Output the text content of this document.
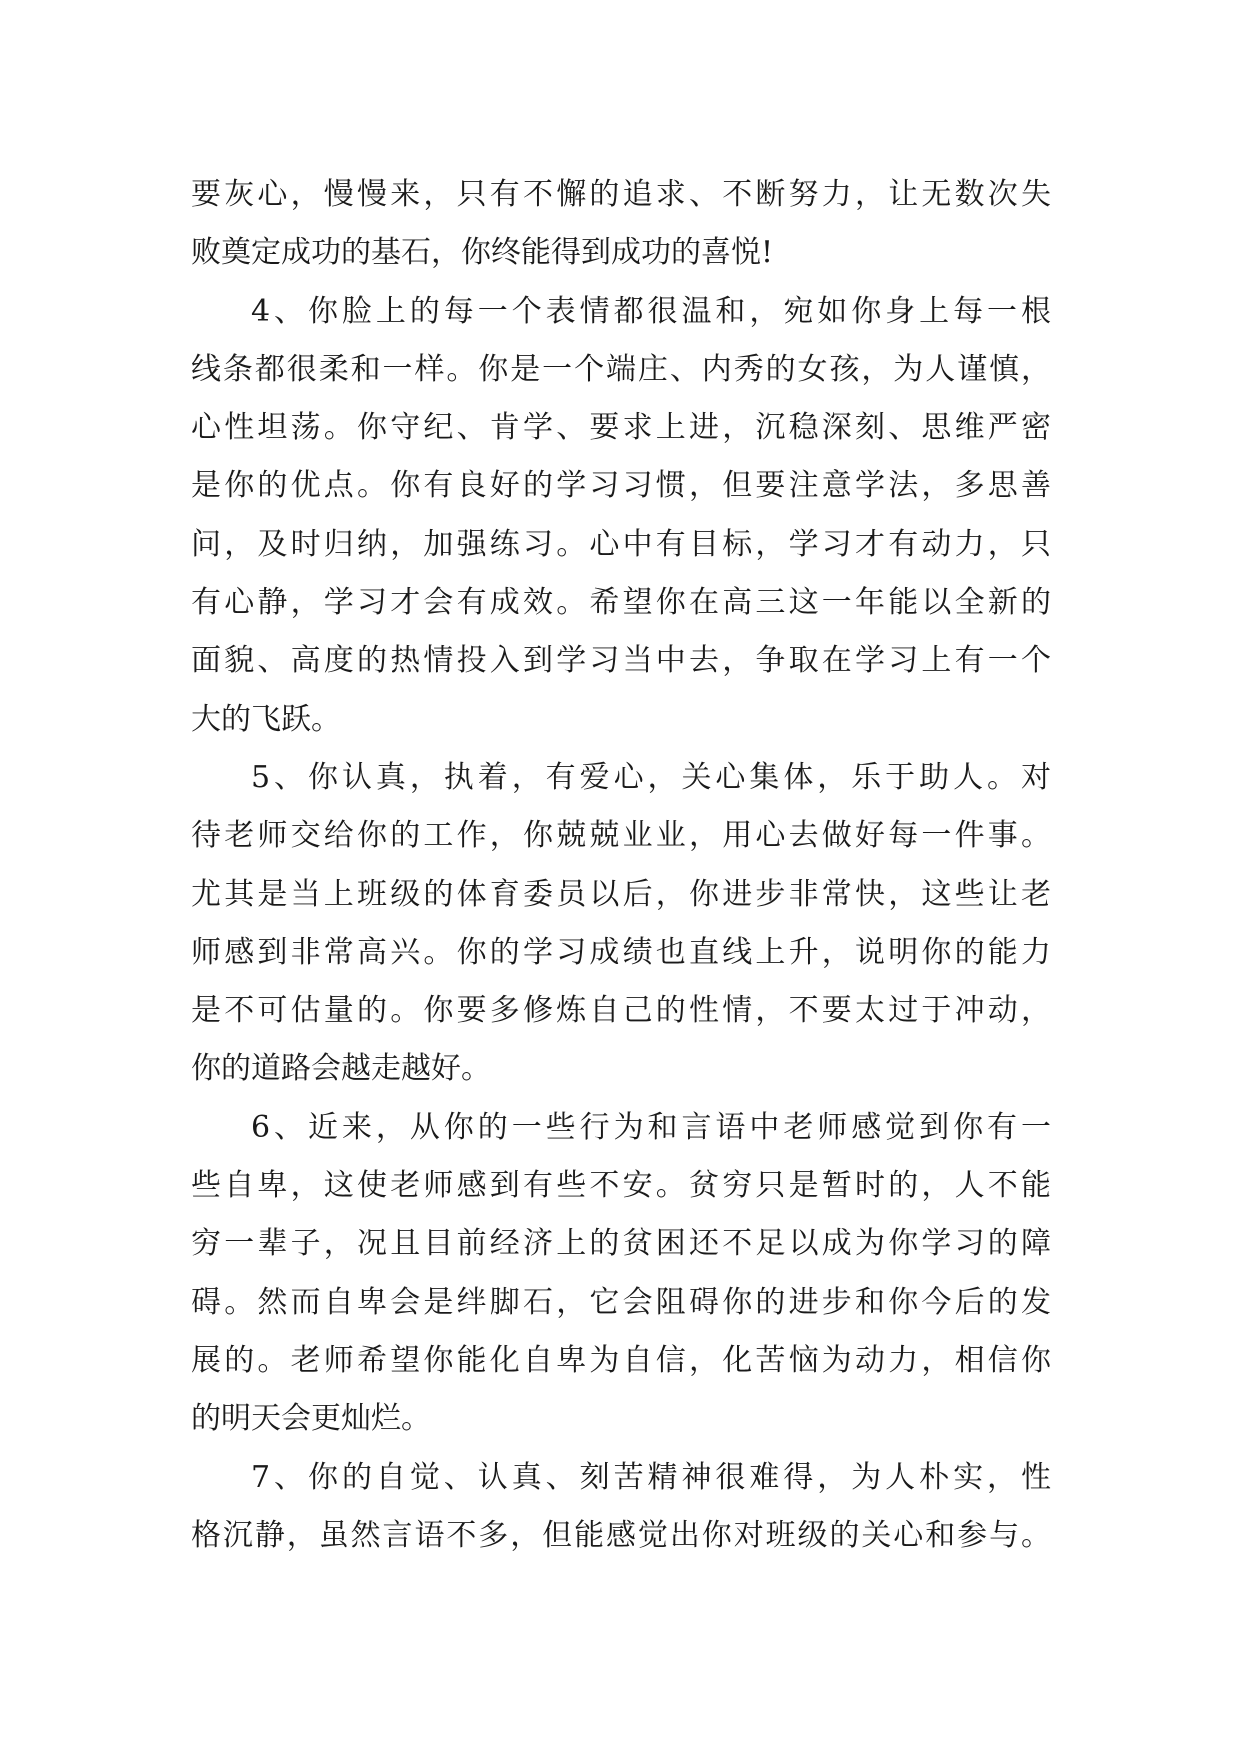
要灰心，慢慢来，只有不懈的追求、不断努力，让无数次失
败奠定成功的基石，你终能得到成功的喜悦!
4、你脸上的每一个表情都很温和，宛如你身上每一根
线条都很柔和一样。你是一个端庄、内秀的女孩，为人谨慎，
心性坦荡。你守纪、肯学、要求上进，沉稳深刻、思维严密
是你的优点。你有良好的学习习惯，但要注意学法，多思善
问，及时归纳，加强练习。心中有目标，学习才有动力，只
有心静，学习才会有成效。希望你在高三这一年能以全新的
面貌、高度的热情投入到学习当中去，争取在学习上有一个
大的飞跃。
5、你认真，执着，有爱心，关心集体，乐于助人。对
待老师交给你的工作，你兢兢业业，用心去做好每一件事。
尤其是当上班级的体育委员以后，你进步非常快，这些让老
师感到非常高兴。你的学习成绩也直线上升，说明你的能力
是不可估量的。你要多修炼自己的性情，不要太过于冲动，
你的道路会越走越好。
6、近来，从你的一些行为和言语中老师感觉到你有一
些自卑，这使老师感到有些不安。贫穷只是暂时的，人不能
穷一辈子，况且目前经济上的贫困还不足以成为你学习的障
碍。然而自卑会是绊脚石，它会阻碍你的进步和你今后的发
展的。老师希望你能化自卑为自信，化苦恼为动力，相信你
的明天会更灿烂。
7、你的自觉、认真、刻苦精神很难得，为人朴实，性
格沉静，虽然言语不多，但能感觉出你对班级的关心和参与。
